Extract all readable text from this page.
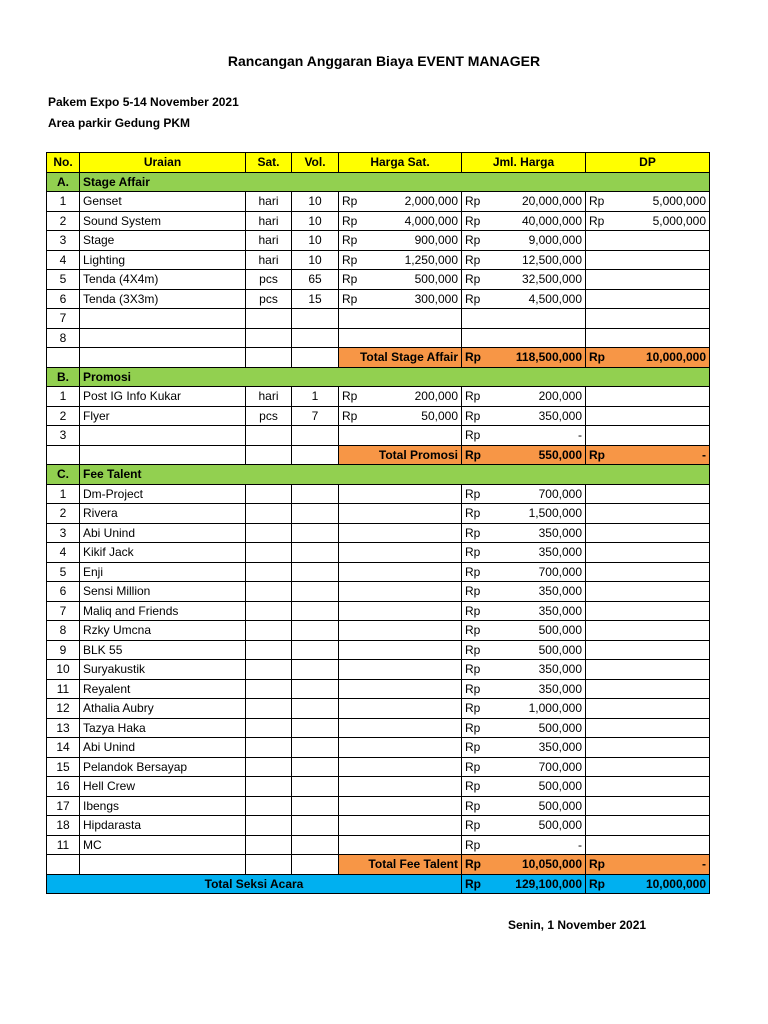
Rancangan Anggaran Biaya EVENT MANAGER
Pakem Expo 5-14 November 2021
Area parkir Gedung PKM
No.	Uraian	Sat.	Vol.	Harga Sat.	Jml. Harga	DP
A.	Stage Affair					
1	Genset	hari	10	Rp 2,000,000	Rp 20,000,000	Rp 5,000,000

2	Sound System	hari	10	Rp 4,000,000	Rp 40,000,000	Rp 5,000,000

3	Stage	hari	10	Rp 900,000	Rp 9,000,000	

4	Lighting	hari	10	Rp 1,250,000	Rp 12,500,000	

5	Tenda (4X4m)	pcs	65	Rp 500,000	Rp 32,500,000	

6	Tenda (3X3m)	pcs	15	Rp 300,000	Rp 4,500,000	

7				

8				

				Total Stage Affair	Rp 118,500,000	Rp 10,000,000

B.	Promosi					
1	Post IG Info Kukar	hari	1	Rp 200,000	Rp 200,000	

2	Flyer	pcs	7	Rp 50,000	Rp 350,000	

3					Rp -	

				Total Promosi	Rp 550,000	Rp -

C.	Fee Talent					
1	Dm-Project				Rp 700,000	

2	Rivera				Rp 1,500,000	

3	Abi Unind				Rp 350,000	

4	Kikif Jack				Rp 350,000	

5	Enji				Rp 700,000	

6	Sensi Million				Rp 350,000	

7	Maliq and Friends				Rp 350,000	

8	Rzky Umcna				Rp 500,000	

9	BLK 55				Rp 500,000	

10	Suryakustik				Rp 350,000	

11	Reyalent				Rp 350,000	

12	Athalia Aubry				Rp 1,000,000	

13	Tazya Haka				Rp 500,000	

14	Abi Unind				Rp 350,000	

15	Pelandok Bersayap				Rp 700,000	

16	Hell Crew				Rp 500,000	

17	Ibengs				Rp 500,000	

18	Hipdarasta				Rp 500,000	

11	MC				Rp -	

				Total Fee Talent	Rp 10,050,000	Rp -

Total Seksi Acara					Rp 129,100,000	Rp 10,000,000
Senin, 1 November 2021
